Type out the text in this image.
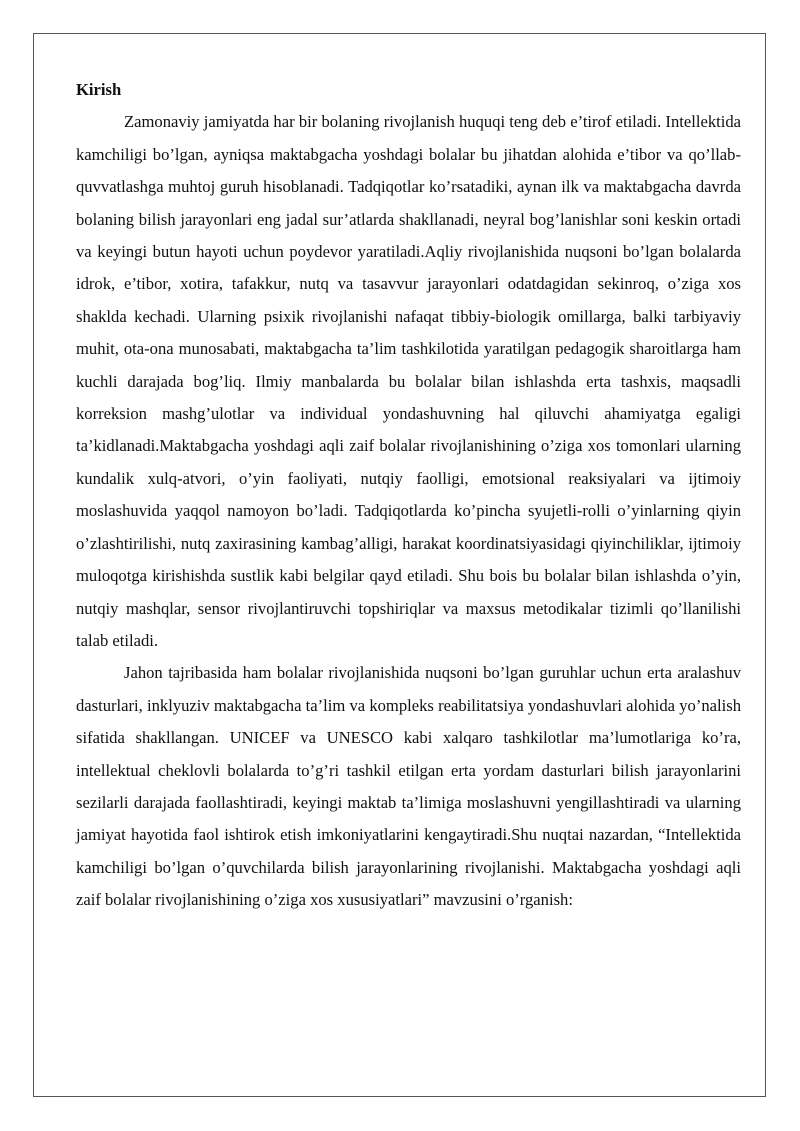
Kirish

Zamonaviy jamiyatda har bir bolaning rivojlanish huquqi teng deb e’tirof etiladi. Intellektida kamchiligi bo’lgan, ayniqsa maktabgacha yoshdagi bolalar bu jihatdan alohida e’tibor va qo’llab-quvvatlashga muhtoj guruh hisoblanadi. Tadqiqotlar ko’rsatadiki, aynan ilk va maktabgacha davrda bolaning bilish jarayonlari eng jadal sur’atlarda shakllanadi, neyral bog’lanishlar soni keskin ortadi va keyingi butun hayoti uchun poydevor yaratiladi.Aqliy rivojlanishida nuqsoni bo’lgan bolalarda idrok, e’tibor, xotira, tafakkur, nutq va tasavvur jarayonlari odatdagidan sekinroq, o’ziga xos shaklda kechadi. Ularning psixik rivojlanishi nafaqat tibbiy-biologik omillarga, balki tarbiyaviy muhit, ota-ona munosabati, maktabgacha ta’lim tashkilotida yaratilgan pedagogik sharoitlarga ham kuchli darajada bog’liq. Ilmiy manbalarda bu bolalar bilan ishlashda erta tashxis, maqsadli korreksion mashg’ulotlar va individual yondashuvning hal qiluvchi ahamiyatga egaligi ta’kidlanadi.Maktabgacha yoshdagi aqli zaif bolalar rivojlanishining o’ziga xos tomonlari ularning kundalik xulq-atvori, o’yin faoliyati, nutqiy faolligi, emotsional reaksiyalari va ijtimoiy moslashuvida yaqqol namoyon bo’ladi. Tadqiqotlarda ko’pincha syujetli-rolli o’yinlarning qiyin o’zlashtirilishi, nutq zaxirasining kambag’alligi, harakat koordinatsiyasidagi qiyinchiliklar, ijtimoiy muloqotga kirishishda sustlik kabi belgilar qayd etiladi. Shu bois bu bolalar bilan ishlashda o’yin, nutqiy mashqlar, sensor rivojlantiruvchi topshiriqlar va maxsus metodikalar tizimli qo’llanilishi talab etiladi.

Jahon tajribasida ham bolalar rivojlanishida nuqsoni bo’lgan guruhlar uchun erta aralashuv dasturlari, inklyuziv maktabgacha ta’lim va kompleks reabilitatsiya yondashuvlari alohida yo’nalish sifatida shakllangan. UNICEF va UNESCO kabi xalqaro tashkilotlar ma’lumotlariga ko’ra, intellektual cheklovli bolalarda to’g’ri tashkil etilgan erta yordam dasturlari bilish jarayonlarini sezilarli darajada faollashtiradi, keyingi maktab ta’limiga moslashuvni yengillashtiradi va ularning jamiyat hayotida faol ishtirok etish imkoniyatlarini kengaytiradi.Shu nuqtai nazardan, “Intellektida kamchiligi bo’lgan o’quvchilarda bilish jarayonlarining rivojlanishi. Maktabgacha yoshdagi aqli zaif bolalar rivojlanishining o’ziga xos xususiyatlari” mavzusini o’rganish:
